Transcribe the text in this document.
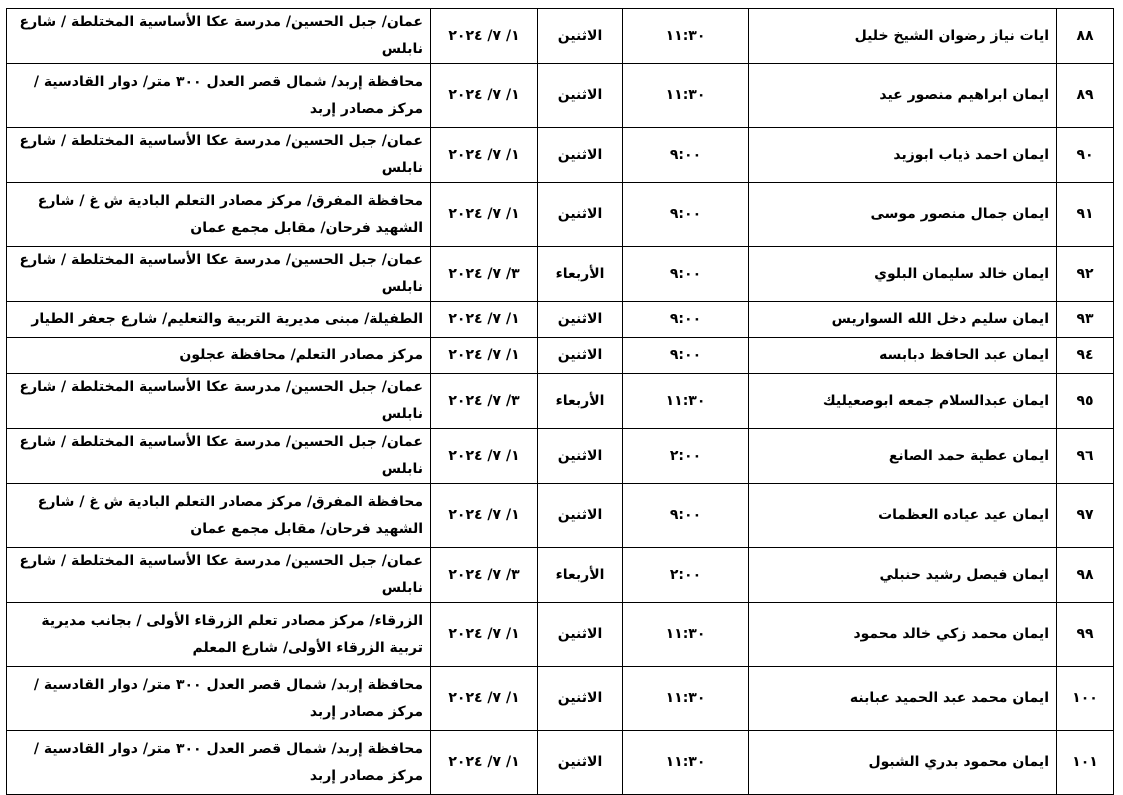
٨٨	ايات نياز رضوان الشيخ خليل	١١:٣٠	الاثنين	١/ ٧/ ٢٠٢٤	عمان/ جبل الحسين/ مدرسة عكا الأساسية المختلطة / شارع نابلس
٨٩	ايمان ابراهيم منصور عيد	١١:٣٠	الاثنين	١/ ٧/ ٢٠٢٤	محافظة إربد/ شمال قصر العدل ٣٠٠ متر/ دوار القادسية / مركز مصادر إربد
٩٠	ايمان احمد ذياب ابوزيد	٩:٠٠	الاثنين	١/ ٧/ ٢٠٢٤	عمان/ جبل الحسين/ مدرسة عكا الأساسية المختلطة / شارع نابلس
٩١	ايمان جمال منصور موسى	٩:٠٠	الاثنين	١/ ٧/ ٢٠٢٤	محافظة المفرق/ مركز مصادر التعلم البادية ش غ / شارع الشهيد فرحان/ مقابل مجمع عمان
٩٢	ايمان خالد سليمان البلوي	٩:٠٠	الأربعاء	٣/ ٧/ ٢٠٢٤	عمان/ جبل الحسين/ مدرسة عكا الأساسية المختلطة / شارع نابلس
٩٣	ايمان سليم دخل الله السواريس	٩:٠٠	الاثنين	١/ ٧/ ٢٠٢٤	الطفيلة/ مبنى مديرية التربية والتعليم/ شارع جعفر الطيار
٩٤	ايمان عبد الحافظ دبابسه	٩:٠٠	الاثنين	١/ ٧/ ٢٠٢٤	مركز مصادر التعلم/ محافظة عجلون
٩٥	ايمان عبدالسلام جمعه ابوصعيليك	١١:٣٠	الأربعاء	٣/ ٧/ ٢٠٢٤	عمان/ جبل الحسين/ مدرسة عكا الأساسية المختلطة / شارع نابلس
٩٦	ايمان عطية حمد الصانع	٢:٠٠	الاثنين	١/ ٧/ ٢٠٢٤	عمان/ جبل الحسين/ مدرسة عكا الأساسية المختلطة / شارع نابلس
٩٧	ايمان عيد عياده العظمات	٩:٠٠	الاثنين	١/ ٧/ ٢٠٢٤	محافظة المفرق/ مركز مصادر التعلم البادية ش غ / شارع الشهيد فرحان/ مقابل مجمع عمان
٩٨	ايمان فيصل رشيد حنبلي	٢:٠٠	الأربعاء	٣/ ٧/ ٢٠٢٤	عمان/ جبل الحسين/ مدرسة عكا الأساسية المختلطة / شارع نابلس
٩٩	ايمان محمد زكي خالد محمود	١١:٣٠	الاثنين	١/ ٧/ ٢٠٢٤	الزرقاء/ مركز مصادر تعلم الزرقاء الأولى / بجانب مديرية تربية الزرقاء الأولى/ شارع المعلم
١٠٠	ايمان محمد عبد الحميد عبابنه	١١:٣٠	الاثنين	١/ ٧/ ٢٠٢٤	محافظة إربد/ شمال قصر العدل ٣٠٠ متر/ دوار القادسية / مركز مصادر إربد
١٠١	ايمان محمود بدري الشبول	١١:٣٠	الاثنين	١/ ٧/ ٢٠٢٤	محافظة إربد/ شمال قصر العدل ٣٠٠ متر/ دوار القادسية / مركز مصادر إربد
